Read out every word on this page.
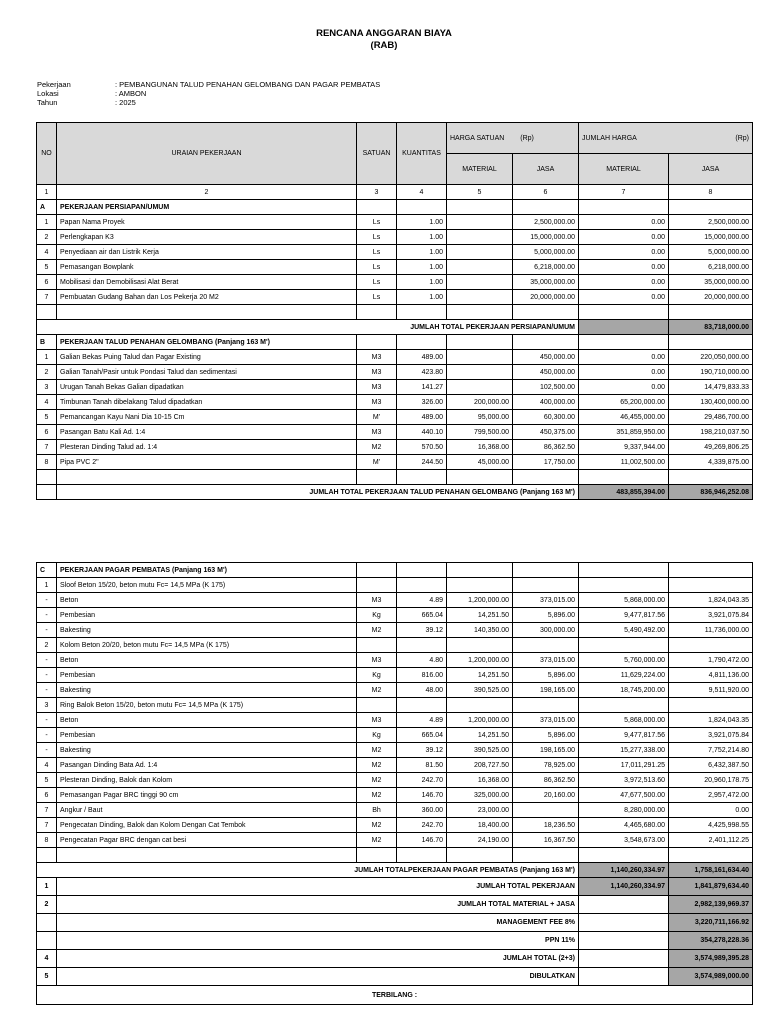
RENCANA ANGGARAN BIAYA
(RAB)
Pekerjaan	: PEMBANGUNAN TALUD PENAHAN GELOMBANG DAN PAGAR PEMBATAS
Lokasi	: AMBON
Tahun	: 2025
NO	URAIAN PEKERJAAN	SATUAN	KUANTITAS	HARGA SATUAN (Rp)		JUMLAH HARGA (Rp)	

				MATERIAL	JASA	MATERIAL	JASA
1	2	3	4	5	6	7	8
A	PEKERJAAN PERSIAPAN/UMUM						
1	Papan Nama Proyek	Ls	1.00		2,500,000.00	0.00	2,500,000.00
2	Perlengkapan K3	Ls	1.00		15,000,000.00	0.00	15,000,000.00
4	Penyediaan air dan Listrik Kerja	Ls	1.00		5,000,000.00	0.00	5,000,000.00
5	Pemasangan Bowplank	Ls	1.00		6,218,000.00	0.00	6,218,000.00
6	Mobilisasi dan Demobilisasi Alat Berat	Ls	1.00		35,000,000.00	0.00	35,000,000.00
7	Pembuatan Gudang Bahan dan Los Pekerja 20 M2	Ls	1.00		20,000,000.00	0.00	20,000,000.00

JUMLAH TOTAL PEKERJAAN PERSIAPAN/UMUM							83,718,000.00
B	PEKERJAAN TALUD PENAHAN GELOMBANG (Panjang 163 M')						
1	Galian Bekas Puing Talud dan Pagar Existing	M3	489.00		450,000.00	0.00	220,050,000.00
2	Galian Tanah/Pasir untuk Pondasi Talud dan sedimentasi	M3	423.80		450,000.00	0.00	190,710,000.00
3	Urugan Tanah Bekas Galian dipadatkan	M3	141.27		102,500.00	0.00	14,479,833.33
4	Timbunan Tanah dibelakang Talud dipadatkan	M3	326.00	200,000.00	400,000.00	65,200,000.00	130,400,000.00
5	Pemancangan Kayu Nani Dia 10-15 Cm	M'	489.00	95,000.00	60,300.00	46,455,000.00	29,486,700.00
6	Pasangan Batu Kali Ad. 1:4	M3	440.10	799,500.00	450,375.00	351,859,950.00	198,210,037.50
7	Plesteran Dinding Talud ad. 1:4	M2	570.50	16,368.00	86,362.50	9,337,944.00	49,269,806.25
8	Pipa PVC 2"	M'	244.50	45,000.00	17,750.00	11,002,500.00	4,339,875.00

	JUMLAH TOTAL PEKERJAAN TALUD PENAHAN GELOMBANG (Panjang 163 M')					483,855,394.00	836,946,252.08
C	PEKERJAAN PAGAR PEMBATAS (Panjang 163 M')						
1	Sloof Beton 15/20, beton mutu Fc= 14,5 MPa (K 175)						
-	Beton	M3	4.89	1,200,000.00	373,015.00	5,868,000.00	1,824,043.35
-	Pembesian	Kg	665.04	14,251.50	5,896.00	9,477,817.56	3,921,075.84
-	Bakesting	M2	39.12	140,350.00	300,000.00	5,490,492.00	11,736,000.00
2	Kolom Beton 20/20, beton mutu Fc= 14,5 MPa (K 175)						
-	Beton	M3	4.80	1,200,000.00	373,015.00	5,760,000.00	1,790,472.00
-	Pembesian	Kg	816.00	14,251.50	5,896.00	11,629,224.00	4,811,136.00
-	Bakesting	M2	48.00	390,525.00	198,165.00	18,745,200.00	9,511,920.00
3	Ring Balok Beton 15/20, beton mutu Fc= 14,5 MPa (K 175)						
-	Beton	M3	4.89	1,200,000.00	373,015.00	5,868,000.00	1,824,043.35
-	Pembesian	Kg	665.04	14,251.50	5,896.00	9,477,817.56	3,921,075.84
-	Bakesting	M2	39.12	390,525.00	198,165.00	15,277,338.00	7,752,214.80
4	Pasangan Dinding Bata Ad. 1:4	M2	81.50	208,727.50	78,925.00	17,011,291.25	6,432,387.50
5	Plesteran Dinding, Balok dan Kolom	M2	242.70	16,368.00	86,362.50	3,972,513.60	20,960,178.75
6	Pemasangan Pagar BRC tinggi 90 cm	M2	146.70	325,000.00	20,160.00	47,677,500.00	2,957,472.00
7	Angkur / Baut	Bh	360.00	23,000.00		8,280,000.00	0.00
7	Pengecatan Dinding, Balok dan Kolom Dengan Cat Tembok	M2	242.70	18,400.00	18,236.50	4,465,680.00	4,425,998.55
8	Pengecatan Pagar BRC dengan cat besi	M2	146.70	24,190.00	16,367.50	3,548,673.00	2,401,112.25

JUMLAH TOTALPEKERJAAN PAGAR PEMBATAS (Panjang 163 M')						1,140,260,334.97	1,758,161,634.40
1	JUMLAH TOTAL PEKERJAAN					1,140,260,334.97	1,841,879,634.40
2	JUMLAH TOTAL MATERIAL + JASA						2,982,139,969.37
	MANAGEMENT FEE 8%						3,220,711,166.92
	PPN 11%						354,278,228.36
4	JUMLAH TOTAL (2+3)						3,574,989,395.28
5	DIBULATKAN						3,574,989,000.00
TERBILANG :							
